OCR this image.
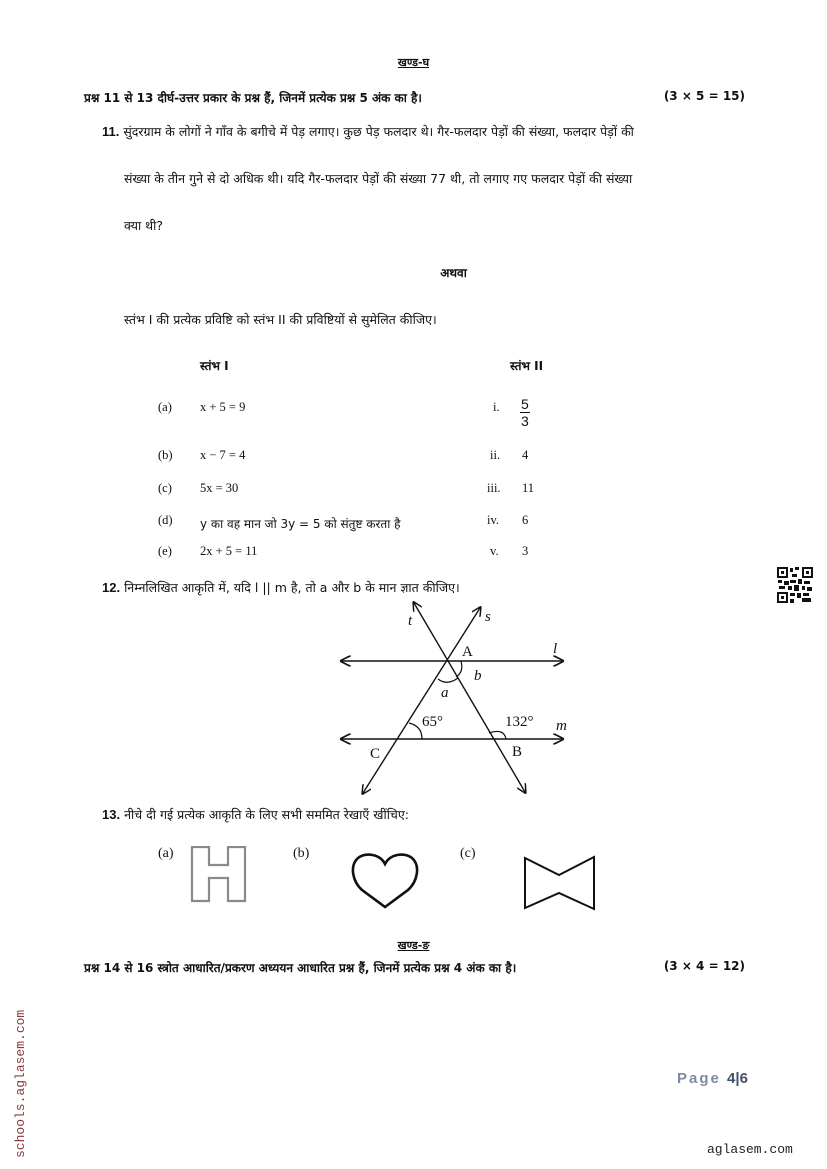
खण्ड-घ
प्रश्न 11 से 13 दीर्घ-उत्तर प्रकार के प्रश्न हैं, जिनमें प्रत्येक प्रश्न 5 अंक का है।	(3 × 5 = 15)
11. सुंदरग्राम के लोगों ने गाँव के बगीचे में पेड़ लगाए। कुछ पेड़ फलदार थे। गैर-फलदार पेड़ों की संख्या, फलदार पेड़ों की
संख्या के तीन गुने से दो अधिक थी। यदि गैर-फलदार पेड़ों की संख्या 77 थी, तो लगाए गए फलदार पेड़ों की संख्या
क्या थी?
अथवा
स्तंभ I की प्रत्येक प्रविष्टि को स्तंभ II की प्रविष्टियों से सुमेलित कीजिए।
स्तंभ I	स्तंभ II
(a) x + 5 = 9	i. $\frac{5}{3}$
(b) x − 7 = 4	ii. 4
(c) 5x = 30	iii. 11
(d) y का वह मान जो 3y = 5 को संतुष्ट करता है	iv. 6
(e) 2x + 5 = 11	v. 3
12. निम्नलिखित आकृति में, यदि l || m है, तो a और b के मान ज्ञात कीजिए।
t	s
l
m
A
b
a
65°	132°
C	B
13. नीचे दी गई प्रत्येक आकृति के लिए सभी सममित रेखाएँ खींचिए:
(a)	(b)	(c)
खण्ड-ङ
प्रश्न 14 से 16 स्त्रोत आधारित/प्रकरण अध्ययन आधारित प्रश्न हैं, जिनमें प्रत्येक प्रश्न 4 अंक का है।	(3 × 4 = 12)
Page 4|6
aglasem.com
schools.aglasem.com
